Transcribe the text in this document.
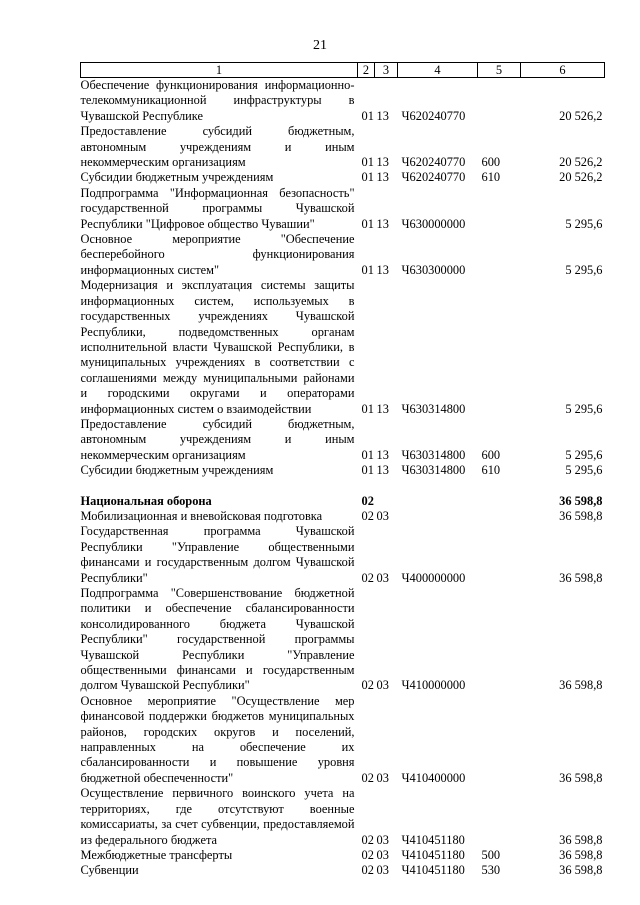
21
1	2	3	4	5	6
Обеспечение функционирования информационно-телекоммуникационной инфраструктуры в Чувашской Республике	01	13	Ч620240770		20 526,2
Предоставление субсидий бюджетным, автономным учреждениям и иным некоммерческим организациям	01	13	Ч620240770	600	20 526,2
Субсидии бюджетным учреждениям	01	13	Ч620240770	610	20 526,2
Подпрограмма "Информационная безопасность" государственной программы Чувашской Республики "Цифровое общество Чувашии"	01	13	Ч630000000		5 295,6
Основное мероприятие "Обеспечение бесперебойного функционирования информационных систем"	01	13	Ч630300000		5 295,6
Модернизация и эксплуатация системы защиты информационных систем, используемых в государственных учреждениях Чувашской Республики, подведомственных органам исполнительной власти Чувашской Республики, в муниципальных учреждениях в соответствии с соглашениями между муниципальными районами и городскими округами и операторами информационных систем о взаимодействии	01	13	Ч630314800		5 295,6
Предоставление субсидий бюджетным, автономным учреждениям и иным некоммерческим организациям	01	13	Ч630314800	600	5 295,6
Субсидии бюджетным учреждениям	01	13	Ч630314800	610	5 295,6

Национальная оборона	02				36 598,8
Мобилизационная и вневойсковая подготовка	02	03			36 598,8
Государственная программа Чувашской Республики "Управление общественными финансами и государственным долгом Чувашской Республики"	02	03	Ч400000000		36 598,8
Подпрограмма "Совершенствование бюджетной политики и обеспечение сбалансированности консолидированного бюджета Чувашской Республики" государственной программы Чувашской Республики "Управление общественными финансами и государственным долгом Чувашской Республики"	02	03	Ч410000000		36 598,8
Основное мероприятие "Осуществление мер финансовой поддержки бюджетов муниципальных районов, городских округов и поселений, направленных на обеспечение их сбалансированности и повышение уровня бюджетной обеспеченности"	02	03	Ч410400000		36 598,8
Осуществление первичного воинского учета на территориях, где отсутствуют военные комиссариаты, за счет субвенции, предоставляемой из федерального бюджета	02	03	Ч410451180		36 598,8
Межбюджетные трансферты	02	03	Ч410451180	500	36 598,8
Субвенции	02	03	Ч410451180	530	36 598,8
